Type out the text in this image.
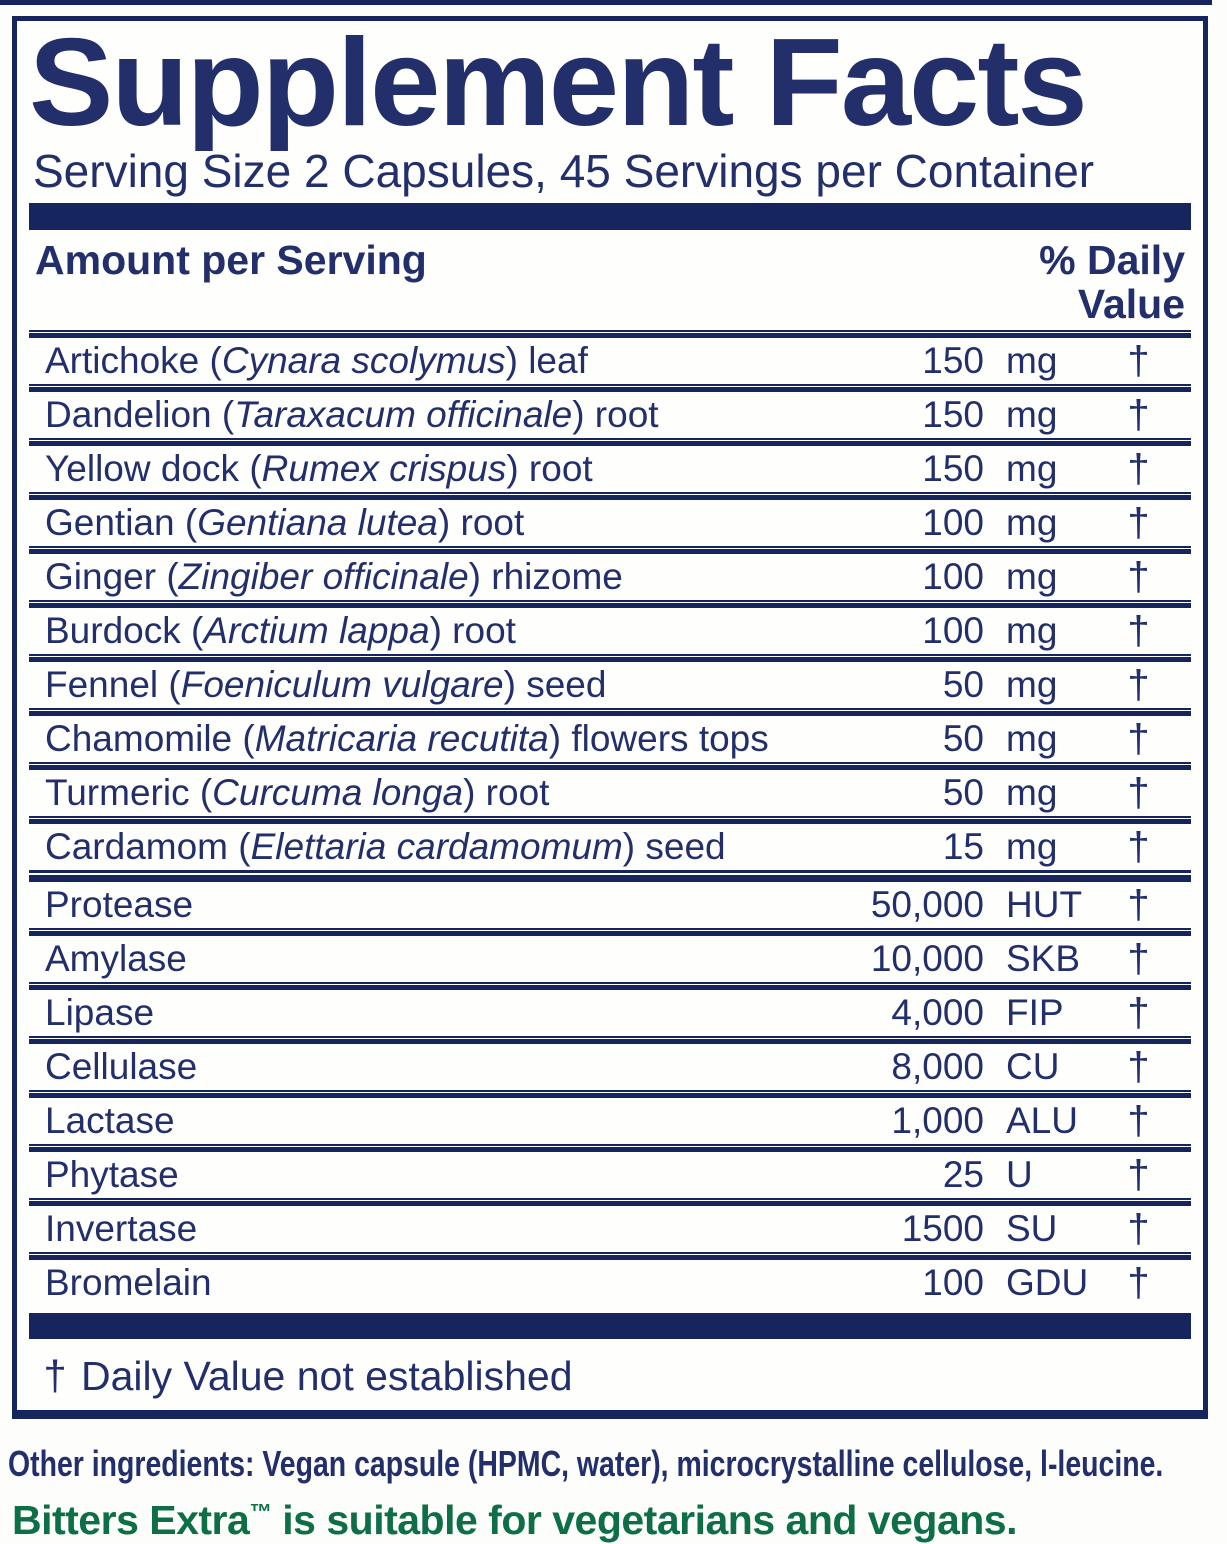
Supplement Facts
Serving Size 2 Capsules, 45 Servings per Container
Amount per Serving	% Daily
Value
Artichoke (Cynara scolymus) leaf	150 mg	†
Dandelion (Taraxacum officinale) root	150 mg	†
Yellow dock (Rumex crispus) root	150 mg	†
Gentian (Gentiana lutea) root	100 mg	†
Ginger (Zingiber officinale) rhizome	100 mg	†
Burdock (Arctium lappa) root	100 mg	†
Fennel (Foeniculum vulgare) seed	50 mg	†
Chamomile (Matricaria recutita) flowers tops	50 mg	†
Turmeric (Curcuma longa) root	50 mg	†
Cardamom (Elettaria cardamomum) seed	15 mg	†
Protease	50,000 HUT	†
Amylase	10,000 SKB	†
Lipase	4,000 FIP	†
Cellulase	8,000 CU	†
Lactase	1,000 ALU	†
Phytase	25 U	†
Invertase	1500 SU	†
Bromelain	100 GDU †
† Daily Value not established
Other ingredients: Vegan capsule (HPMC, water), microcrystalline cellulose, l-leucine.
Bitters Extra™ is suitable for vegetarians and vegans.
